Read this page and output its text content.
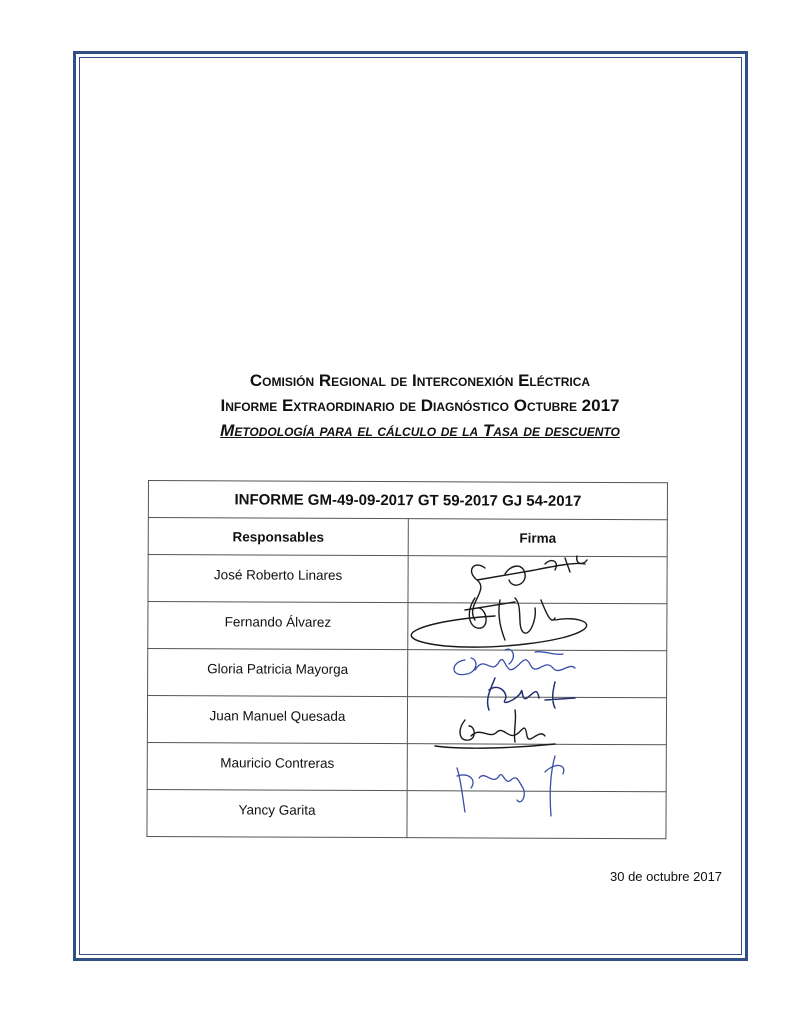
Comisión Regional de Interconexión Eléctrica
Informe Extraordinario de Diagnóstico Octubre 2017
Metodología para el cálculo de la Tasa de descuento
INFORME GM-49-09-2017 GT 59-2017 GJ 54-2017	
Responsables	Firma
José Roberto Linares	
Fernando Álvarez	
Gloria Patricia Mayorga	
Juan Manuel Quesada	
Mauricio Contreras	
Yancy Garita	
30 de octubre 2017
